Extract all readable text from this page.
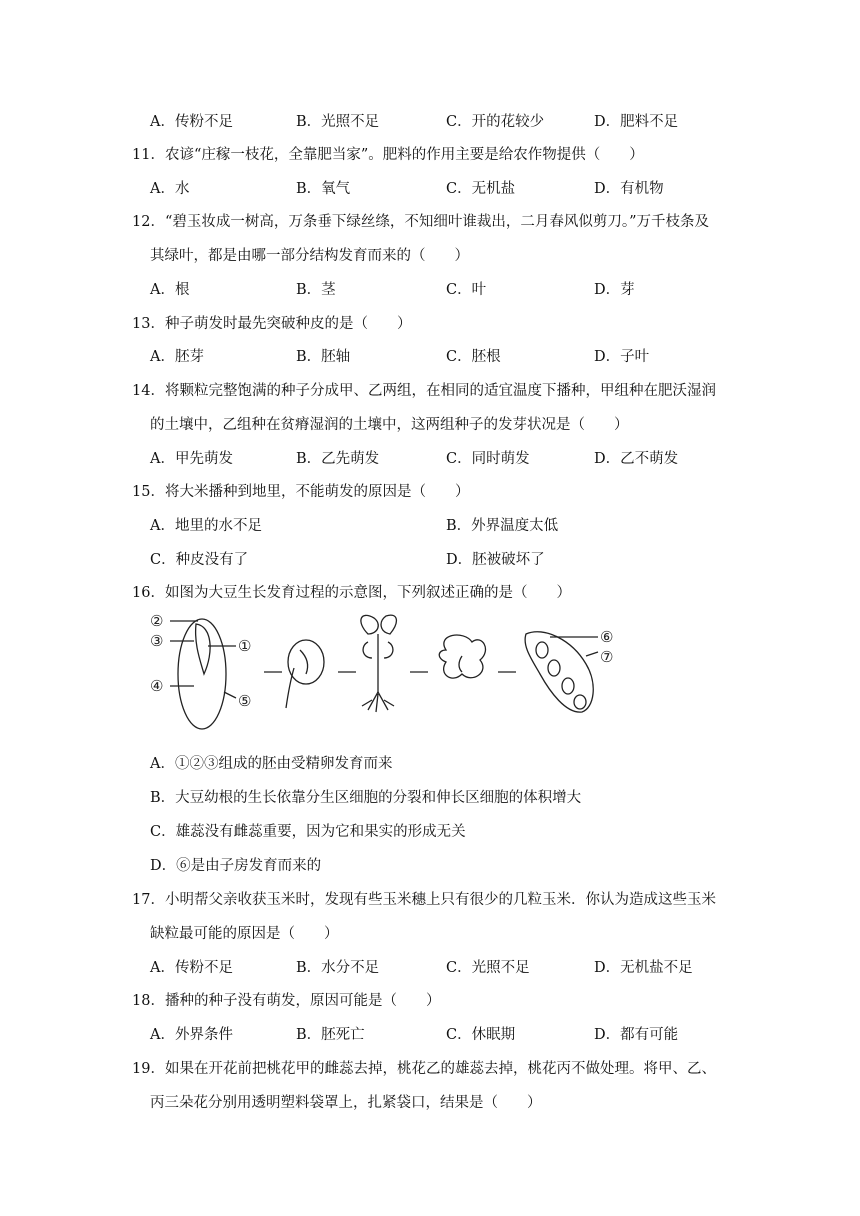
A．传粉不足	B．光照不足	C．开的花较少	D．肥料不足
11．农谚“庄稼一枝花，全靠肥当家”。肥料的作用主要是给农作物提供（　　）
A．水	B．氧气	C．无机盐	D．有机物
12．“碧玉妆成一树高，万条垂下绿丝绦，不知细叶谁裁出，二月春风似剪刀。”万千枝条及
其绿叶，都是由哪一部分结构发育而来的（　　）
A．根	B．茎	C．叶	D．芽
13．种子萌发时最先突破种皮的是（　　）
A．胚芽	B．胚轴	C．胚根	D．子叶
14．将颗粒完整饱满的种子分成甲、乙两组，在相同的适宜温度下播种，甲组种在肥沃湿润
的土壤中，乙组种在贫瘠湿润的土壤中，这两组种子的发芽状况是（　　）
A．甲先萌发	B．乙先萌发	C．同时萌发	D．乙不萌发
15．将大米播种到地里，不能萌发的原因是（　　）
A．地里的水不足	B．外界温度太低
C．种皮没有了	D．胚被破坏了
16．如图为大豆生长发育过程的示意图，下列叙述正确的是（　　）
②
③	①
④
⑤
⑥
⑦
A．①②③组成的胚由受精卵发育而来
B．大豆幼根的生长依靠分生区细胞的分裂和伸长区细胞的体积增大
C．雄蕊没有雌蕊重要，因为它和果实的形成无关
D．⑥是由子房发育而来的
17．小明帮父亲收获玉米时，发现有些玉米穗上只有很少的几粒玉米．你认为造成这些玉米
缺粒最可能的原因是（　　）
A．传粉不足	B．水分不足	C．光照不足	D．无机盐不足
18．播种的种子没有萌发，原因可能是（　　）
A．外界条件	B．胚死亡	C．休眠期	D．都有可能
19．如果在开花前把桃花甲的雌蕊去掉，桃花乙的雄蕊去掉，桃花丙不做处理。将甲、乙、
丙三朵花分别用透明塑料袋罩上，扎紧袋口，结果是（　　）
